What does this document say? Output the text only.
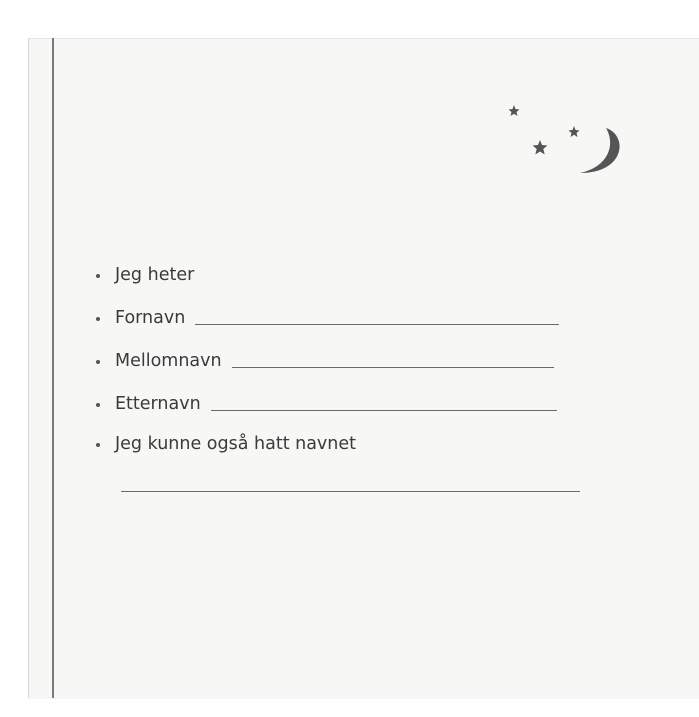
Jeg heter
Fornavn
Mellomnavn
Etternavn
Jeg kunne også hatt navnet
